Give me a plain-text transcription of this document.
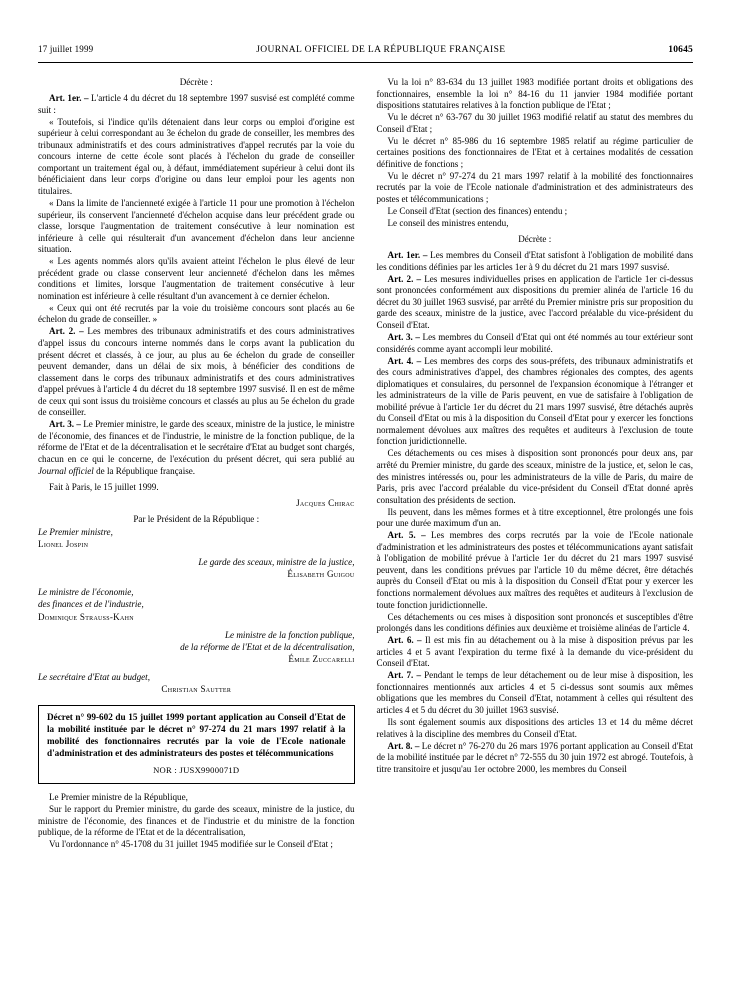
17 juillet 1999	JOURNAL OFFICIEL DE LA RÉPUBLIQUE FRANÇAISE	10645

Décrète :

Art. 1er. – L'article 4 du décret du 18 septembre 1997 susvisé est complété comme suit :

« Toutefois, si l'indice qu'ils détenaient dans leur corps ou emploi d'origine est supérieur à celui correspondant au 3e échelon du grade de conseiller, les membres des tribunaux administratifs et des cours administratives d'appel recrutés par la voie du concours interne de cette école sont placés à l'échelon du grade de conseiller comportant un traitement égal ou, à défaut, immédiatement supérieur à celui dont ils bénéficiaient dans leur corps d'origine ou dans leur emploi pour les agents non titulaires.

« Dans la limite de l'ancienneté exigée à l'article 11 pour une promotion à l'échelon supérieur, ils conservent l'ancienneté d'échelon acquise dans leur précédent grade ou classe, lorsque l'augmentation de traitement consécutive à leur nomination est inférieure à celle qui résulterait d'un avancement d'échelon dans leur ancienne situation.

« Les agents nommés alors qu'ils avaient atteint l'échelon le plus élevé de leur précédent grade ou classe conservent leur ancienneté d'échelon dans les mêmes conditions et limites, lorsque l'augmentation de traitement consécutive à leur nomination est inférieure à celle résultant d'un avancement à ce dernier échelon.

« Ceux qui ont été recrutés par la voie du troisième concours sont placés au 6e échelon du grade de conseiller. »

Art. 2. – Les membres des tribunaux administratifs et des cours administratives d'appel issus du concours interne nommés dans le corps avant la publication du présent décret et classés, à ce jour, au plus au 6e échelon du grade de conseiller peuvent demander, dans un délai de six mois, à bénéficier des conditions de classement dans le corps des tribunaux administratifs et des cours administratives d'appel prévues à l'article 4 du décret du 18 septembre 1997 susvisé. Il en est de même de ceux qui sont issus du troisième concours et classés au plus au 5e échelon du grade de conseiller.

Art. 3. – Le Premier ministre, le garde des sceaux, ministre de la justice, le ministre de l'économie, des finances et de l'industrie, le ministre de la fonction publique, de la réforme de l'Etat et de la décentralisation et le secrétaire d'Etat au budget sont chargés, chacun en ce qui le concerne, de l'exécution du présent décret, qui sera publié au Journal officiel de la République française.

Fait à Paris, le 15 juillet 1999.

Jacques Chirac

Par le Président de la République :

Le Premier ministre,

Lionel Jospin

Le garde des sceaux, ministre de la justice,

Élisabeth Guigou

Le ministre de l'économie,

des finances et de l'industrie,

Dominique Strauss-Kahn

Le ministre de la fonction publique,

de la réforme de l'Etat et de la décentralisation,

Émile Zuccarelli

Le secrétaire d'Etat au budget,

Christian Sautter

Décret n° 99-602 du 15 juillet 1999 portant application au Conseil d'Etat de la mobilité instituée par le décret n° 97-274 du 21 mars 1997 relatif à la mobilité des fonctionnaires recrutés par la voie de l'Ecole nationale d'administration et des administrateurs des postes et télécommunications

NOR : JUSX9900071D

Le Premier ministre de la République,

Sur le rapport du Premier ministre, du garde des sceaux, ministre de la justice, du ministre de l'économie, des finances et de l'industrie et du ministre de la fonction publique, de la réforme de l'Etat et de la décentralisation,

Vu l'ordonnance n° 45-1708 du 31 juillet 1945 modifiée sur le Conseil d'Etat ;

Vu la loi n° 83-634 du 13 juillet 1983 modifiée portant droits et obligations des fonctionnaires, ensemble la loi n° 84-16 du 11 janvier 1984 modifiée portant dispositions statutaires relatives à la fonction publique de l'Etat ;

Vu le décret n° 63-767 du 30 juillet 1963 modifié relatif au statut des membres du Conseil d'Etat ;

Vu le décret n° 85-986 du 16 septembre 1985 relatif au régime particulier de certaines positions des fonctionnaires de l'Etat et à certaines modalités de cessation définitive de fonctions ;

Vu le décret n° 97-274 du 21 mars 1997 relatif à la mobilité des fonctionnaires recrutés par la voie de l'Ecole nationale d'administration et des administrateurs des postes et télécommunications ;

Le Conseil d'Etat (section des finances) entendu ;

Le conseil des ministres entendu,

Décrète :

Art. 1er. – Les membres du Conseil d'Etat satisfont à l'obligation de mobilité dans les conditions définies par les articles 1er à 9 du décret du 21 mars 1997 susvisé.

Art. 2. – Les mesures individuelles prises en application de l'article 1er ci-dessus sont prononcées conformément aux dispositions du premier alinéa de l'article 16 du décret du 30 juillet 1963 susvisé, par arrêté du Premier ministre pris sur proposition du garde des sceaux, ministre de la justice, avec l'accord préalable du vice-président du Conseil d'Etat.

Art. 3. – Les membres du Conseil d'Etat qui ont été nommés au tour extérieur sont considérés comme ayant accompli leur mobilité.

Art. 4. – Les membres des corps des sous-préfets, des tribunaux administratifs et des cours administratives d'appel, des chambres régionales des comptes, des agents diplomatiques et consulaires, du personnel de l'expansion économique à l'étranger et les administrateurs de la ville de Paris peuvent, en vue de satisfaire à l'obligation de mobilité prévue à l'article 1er du décret du 21 mars 1997 susvisé, être détachés auprès du Conseil d'Etat ou mis à la disposition du Conseil d'Etat pour y exercer les fonctions normalement dévolues aux maîtres des requêtes et auditeurs à l'exclusion de toute fonction juridictionnelle.

Ces détachements ou ces mises à disposition sont prononcés pour deux ans, par arrêté du Premier ministre, du garde des sceaux, ministre de la justice, et, selon le cas, des ministres intéressés ou, pour les administrateurs de la ville de Paris, du maire de Paris, pris avec l'accord préalable du vice-président du Conseil d'Etat donné après consultation des présidents de section.

Ils peuvent, dans les mêmes formes et à titre exceptionnel, être prolongés une fois pour une durée maximum d'un an.

Art. 5. – Les membres des corps recrutés par la voie de l'Ecole nationale d'administration et les administrateurs des postes et télécommunications ayant satisfait à l'obligation de mobilité prévue à l'article 1er du décret du 21 mars 1997 susvisé peuvent, dans les conditions prévues par l'article 10 du même décret, être détachés auprès du Conseil d'Etat ou mis à la disposition du Conseil d'Etat pour y exercer les fonctions normalement dévolues aux maîtres des requêtes et auditeurs à l'exclusion de toute fonction juridictionnelle.

Ces détachements ou ces mises à disposition sont prononcés et susceptibles d'être prolongés dans les conditions définies aux deuxième et troisième alinéas de l'article 4.

Art. 6. – Il est mis fin au détachement ou à la mise à disposition prévus par les articles 4 et 5 avant l'expiration du terme fixé à la demande du vice-président du Conseil d'Etat.

Art. 7. – Pendant le temps de leur détachement ou de leur mise à disposition, les fonctionnaires mentionnés aux articles 4 et 5 ci-dessus sont soumis aux mêmes obligations que les membres du Conseil d'Etat, notamment à celles qui résultent des articles 4 et 5 du décret du 30 juillet 1963 susvisé.

Ils sont également soumis aux dispositions des articles 13 et 14 du même décret relatives à la discipline des membres du Conseil d'Etat.

Art. 8. – Le décret n° 76-270 du 26 mars 1976 portant application au Conseil d'Etat de la mobilité instituée par le décret n° 72-555 du 30 juin 1972 est abrogé. Toutefois, à titre transitoire et jusqu'au 1er octobre 2000, les membres du Conseil
